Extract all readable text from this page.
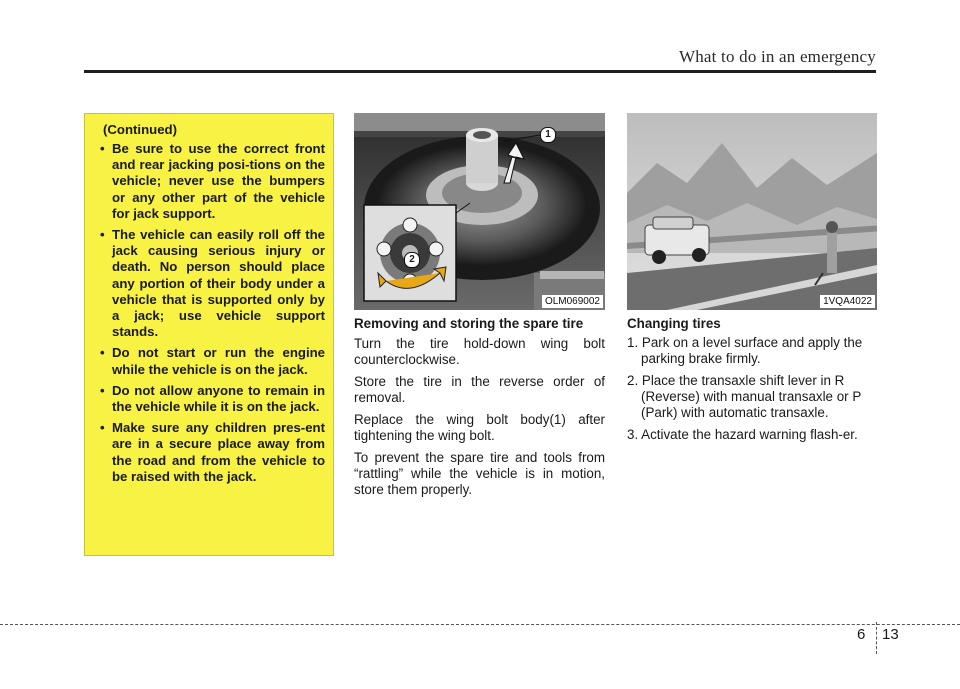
What to do in an emergency
(Continued)
• Be sure to use the correct front and rear jacking posi-tions on the vehicle; never use the bumpers or any other part of the vehicle for jack support.
• The vehicle can easily roll off the jack causing serious injury or death. No person should place any portion of their body under a vehicle that is supported only by a jack; use vehicle support stands.
• Do not start or run the engine while the vehicle is on the jack.
• Do not allow anyone to remain in the vehicle while it is on the jack.
• Make sure any children pres-ent are in a secure place away from the road and from the vehicle to be raised with the jack.
1
2
OLM069002	1VQA4022
Removing and storing the spare tire

Turn the tire hold-down wing bolt counterclockwise.

Store the tire in the reverse order of removal.

Replace the wing bolt body(1) after tightening the wing bolt.

To prevent the spare tire and tools from “rattling” while the vehicle is in motion, store them properly.

Changing tires
1. Park on a level surface and apply the parking brake firmly.
2. Place the transaxle shift lever in R (Reverse) with manual transaxle or P (Park) with automatic transaxle.
3. Activate the hazard warning flash-er.
6 13
